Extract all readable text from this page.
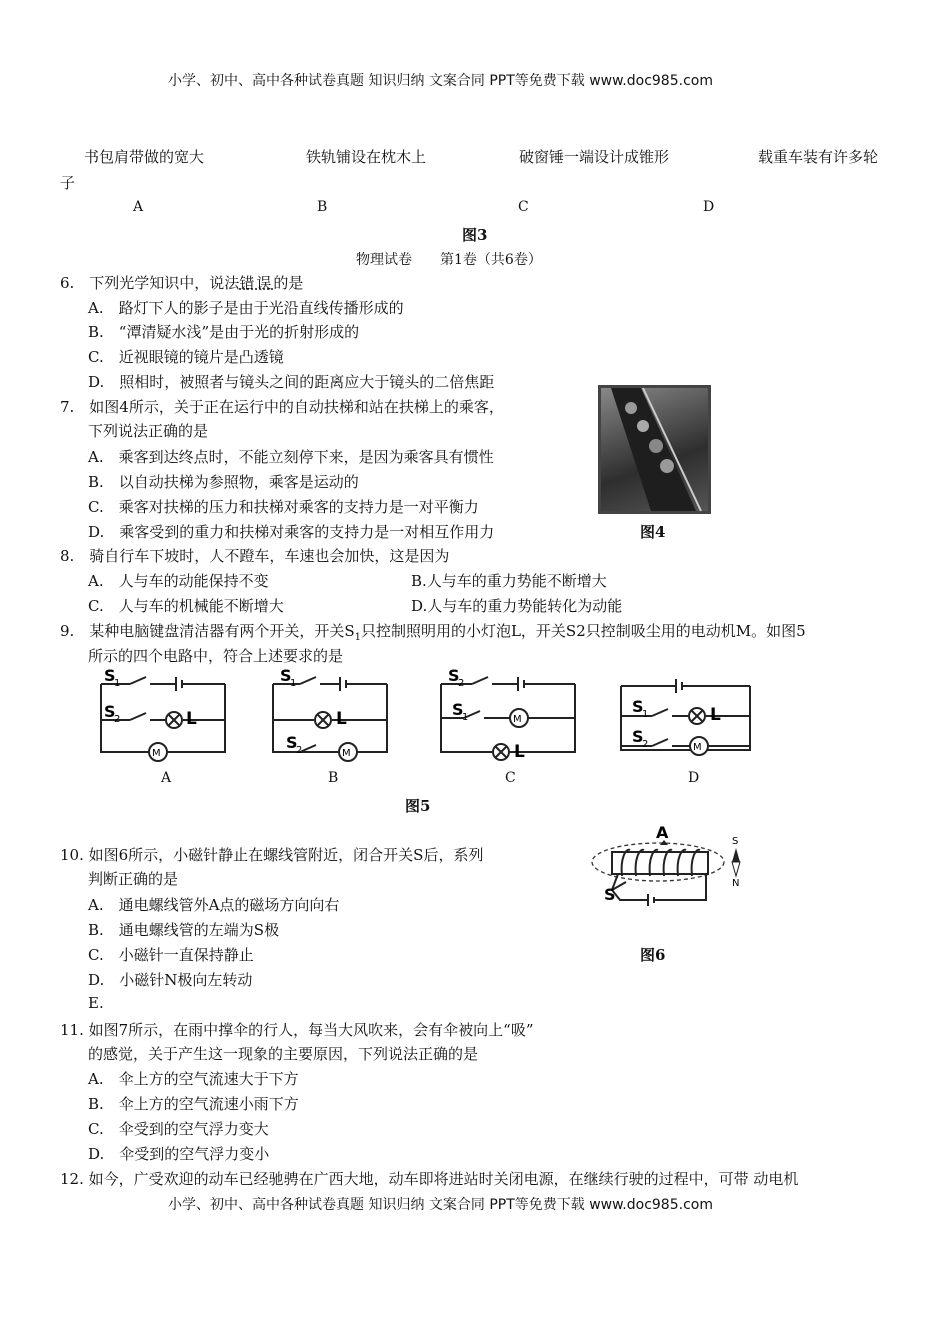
小学、初中、高中各种试卷真题 知识归纳 文案合同 PPT等免费下载 www.doc985.com
书包肩带做的宽大	铁轨铺设在枕木上	破窗锤一端设计成锥形	载重车装有许多轮
子
A	B	C	D
图3
物理试卷　　第1卷（共6卷）
6.　下列光学知识中，说法错误的是
A.　路灯下人的影子是由于光沿直线传播形成的
B.　“潭清疑水浅”是由于光的折射形成的
C.　近视眼镜的镜片是凸透镜
D.　照相时，被照者与镜头之间的距离应大于镜头的二倍焦距
7.　如图4所示，关于正在运行中的自动扶梯和站在扶梯上的乘客，
下列说法正确的是
A.　乘客到达终点时，不能立刻停下来，是因为乘客具有惯性
B.　以自动扶梯为参照物，乘客是运动的
C.　乘客对扶梯的压力和扶梯对乘客的支持力是一对平衡力
D.　乘客受到的重力和扶梯对乘客的支持力是一对相互作用力	图4
8.　骑自行车下坡时，人不蹬车，车速也会加快，这是因为
A.　人与车的动能保持不变	B.人与车的重力势能不断增大
C.　人与车的机械能不断增大	D.人与车的重力势能转化为动能
9.　某种电脑键盘清洁器有两个开关，开关$S_1$只控制照明用的小灯泡L，开关S2只控制吸尘用的电动机M。如图5
所示的四个电路中，符合上述要求的是
S
1
S
2	L
M
A
S
1
L
S
2	M
B
S
2
S
1	M
L
C
S
1	L
S
2	M
D
图5
10. 如图6所示，小磁针静止在螺线管附近，闭合开关S后，系列
判断正确的是
A.　通电螺线管外A点的磁场方向向右
B.　通电螺线管的左端为S极
C.　小磁针一直保持静止
D.　小磁针N极向左转动
E.
A	S
N
S
图6
11. 如图7所示，在雨中撑伞的行人，每当大风吹来，会有伞被向上“吸”
的感觉，关于产生这一现象的主要原因，下列说法正确的是
A.　伞上方的空气流速大于下方
B.　伞上方的空气流速小雨下方
C.　伞受到的空气浮力变大
D.　伞受到的空气浮力变小
12. 如今，广受欢迎的动车已经驰骋在广西大地，动车即将进站时关闭电源，在继续行驶的过程中，可带 动电机
小学、初中、高中各种试卷真题 知识归纳 文案合同 PPT等免费下载 www.doc985.com
